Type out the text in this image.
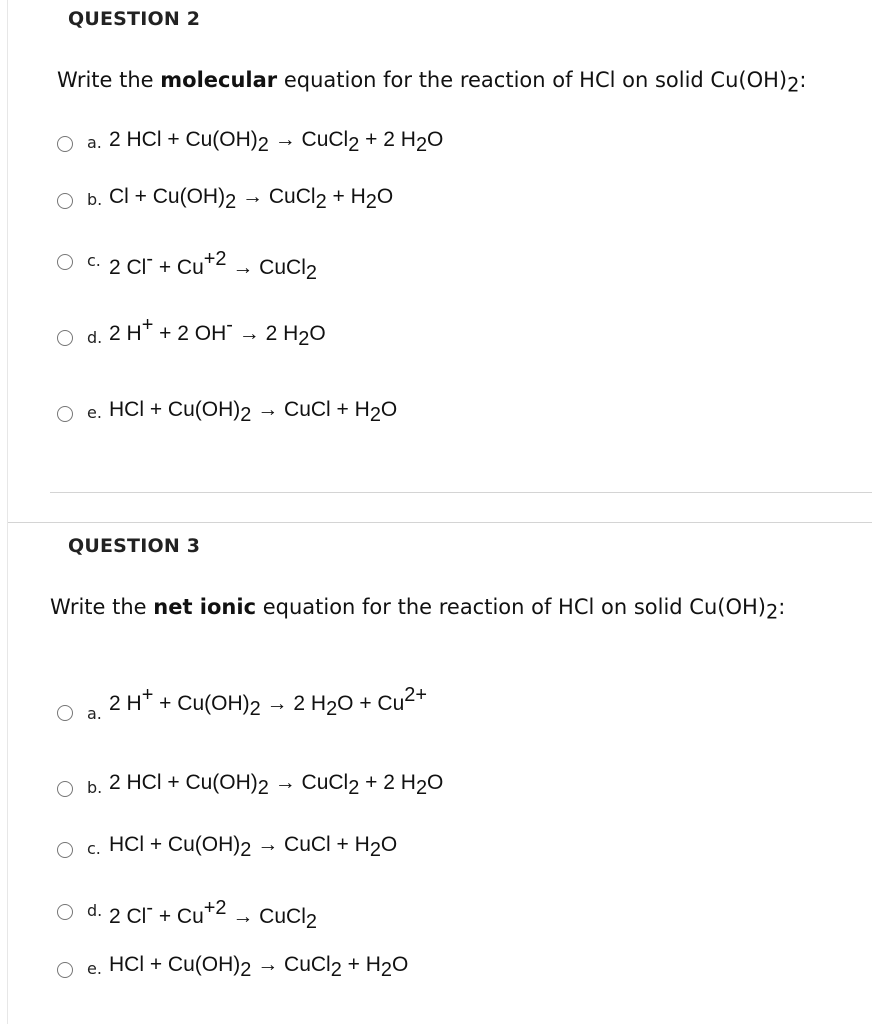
QUESTION 2
Write the molecular equation for the reaction of HCl on solid $Cu(OH)_2$:
a. 2 HCl + Cu(OH)2 → CuCl2 + 2 H2O
b. Cl + Cu(OH)2 → CuCl2 + H2O
c. 2 Cl- + Cu+2 → CuCl2
d. 2 H+ + 2 OH- → 2 H2O
e. HCl + Cu(OH)2 → CuCl + H2O
QUESTION 3
Write the net ionic equation for the reaction of HCl on solid $Cu(OH)_2$:
a. 2 H+ + Cu(OH)2 → 2 H2O + Cu2+
b. 2 HCl + Cu(OH)2 → CuCl2 + 2 H2O
c. HCl + Cu(OH)2 → CuCl + H2O
d. 2 Cl- + Cu+2 → CuCl2
e. HCl + Cu(OH)2 → CuCl2 + H2O
